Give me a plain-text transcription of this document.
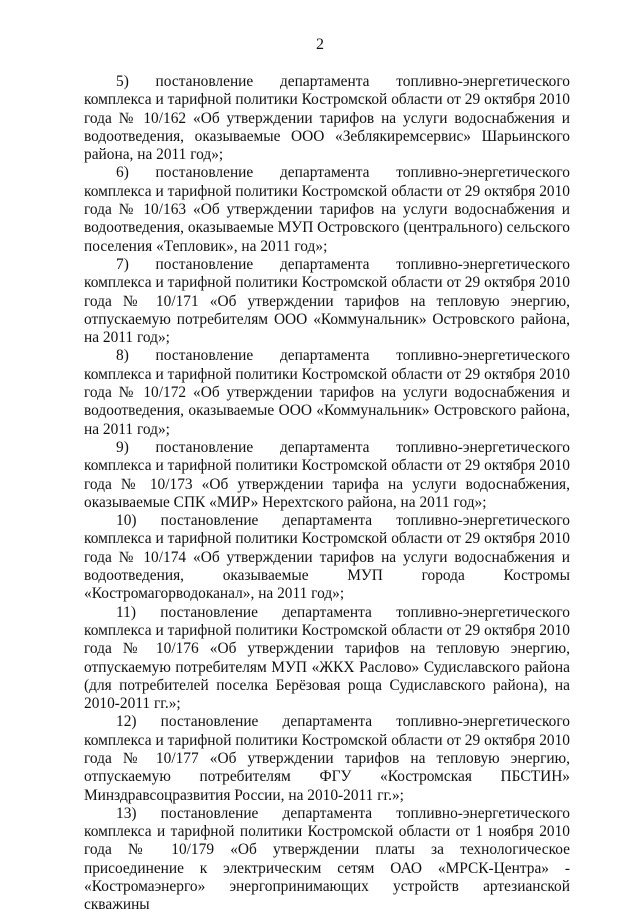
2

5) постановление департамента топливно-энергетического комплекса и тарифной политики Костромской области от 29 октября 2010 года № 10/162 «Об утверждении тарифов на услуги водоснабжения и водоотведения, оказываемые ООО «Зеблякиремсервис» Шарьинского района, на 2011 год»;

6) постановление департамента топливно-энергетического комплекса и тарифной политики Костромской области от 29 октября 2010 года № 10/163 «Об утверждении тарифов на услуги водоснабжения и водоотведения, оказываемые МУП Островского (центрального) сельского поселения «Тепловик», на 2011 год»;

7) постановление департамента топливно-энергетического комплекса и тарифной политики Костромской области от 29 октября 2010 года № 10/171 «Об утверждении тарифов на тепловую энергию, отпускаемую потребителям ООО «Коммунальник» Островского района, на 2011 год»;

8) постановление департамента топливно-энергетического комплекса и тарифной политики Костромской области от 29 октября 2010 года № 10/172 «Об утверждении тарифов на услуги водоснабжения и водоотведения, оказываемые ООО «Коммунальник» Островского района, на 2011 год»;

9) постановление департамента топливно-энергетического комплекса и тарифной политики Костромской области от 29 октября 2010 года № 10/173 «Об утверждении тарифа на услуги водоснабжения, оказываемые СПК «МИР» Нерехтского района, на 2011 год»;

10) постановление департамента топливно-энергетического комплекса и тарифной политики Костромской области от 29 октября 2010 года № 10/174 «Об утверждении тарифов на услуги водоснабжения и водоотведения, оказываемые МУП города Костромы «Костромагорводоканал», на 2011 год»;

11) постановление департамента топливно-энергетического комплекса и тарифной политики Костромской области от 29 октября 2010 года № 10/176 «Об утверждении тарифов на тепловую энергию, отпускаемую потребителям МУП «ЖКХ Раслово» Судиславского района (для потребителей поселка Берёзовая роща Судиславского района), на 2010-2011 гг.»;

12) постановление департамента топливно-энергетического комплекса и тарифной политики Костромской области от 29 октября 2010 года № 10/177 «Об утверждении тарифов на тепловую энергию, отпускаемую потребителям ФГУ «Костромская ПБСТИН» Минздравсоцразвития России, на 2010-2011 гг.»;

13) постановление департамента топливно-энергетического комплекса и тарифной политики Костромской области от 1 ноября 2010 года № 10/179 «Об утверждении платы за технологическое присоединение к электрическим сетям ОАО «МРСК-Центра» - «Костромаэнерго» энергопринимающих устройств артезианской скважины
